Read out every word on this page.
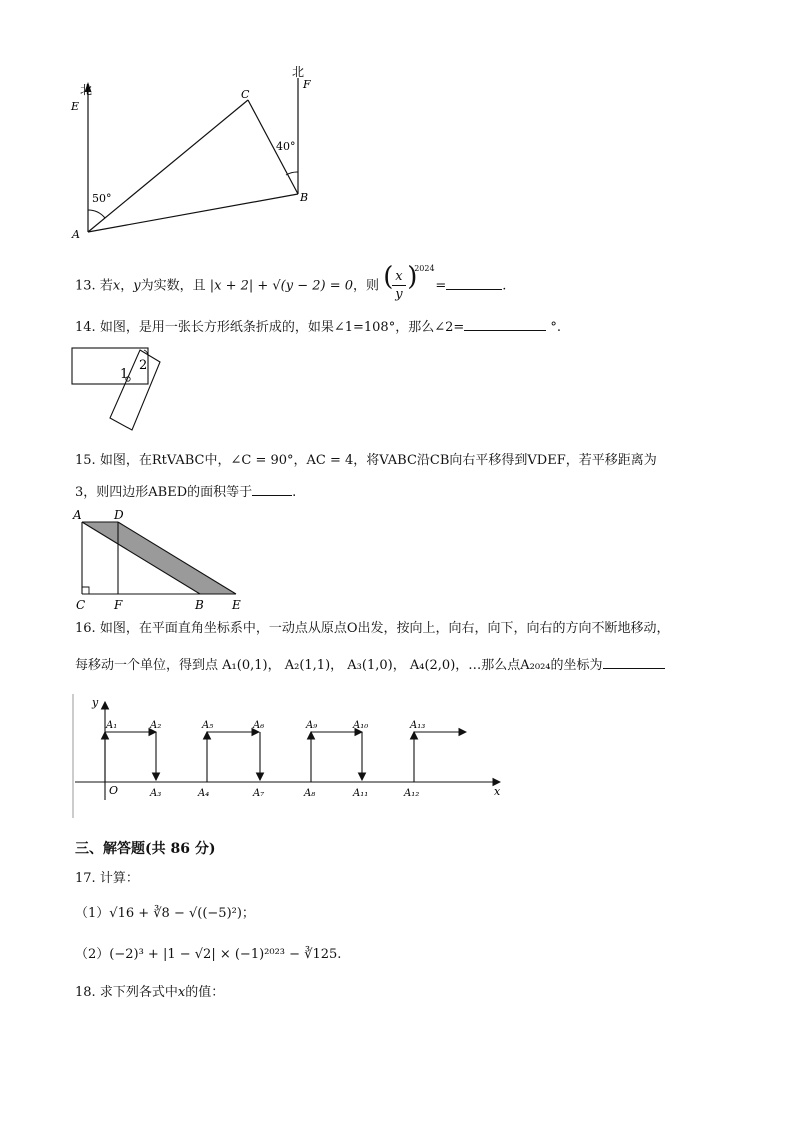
北
北
E
F
C
A
B
50°
40°
13. 若x，y为实数，且 |x + 2| + √(y − 2) = 0，则 ( x
y
)
2024
=	.
14. 如图，是用一张长方形纸条折成的，如果∠1=108°，那么∠2=	°.
1
2
15. 如图，在RtVABC中，∠C = 90°，AC = 4，将VABC沿CB向右平移得到VDEF，若平移距离为
3，则四边形ABED的面积等于	.
A	D
C F	B E
16. 如图，在平面直角坐标系中，一动点从原点O出发，按向上，向右，向下，向右的方向不断地移动，
每移动一个单位，得到点 A₁(0,1)， A₂(1,1)， A₃(1,0)， A₄(2,0)，…那么点A₂₀₂₄的坐标为
y
x
O
A₁	A₂	A₅	A₆	A₉	A₁₀	A₁₃
A₃	A₄	A₇	A₈	A₁₁	A₁₂
三、解答题(共 86 分)
17. 计算：
（1）√16 + ∛8 − √((−5)²)；
（2）(−2)³ + |1 − √2| × (−1)²⁰²³ − ∛125.
18. 求下列各式中x的值：
